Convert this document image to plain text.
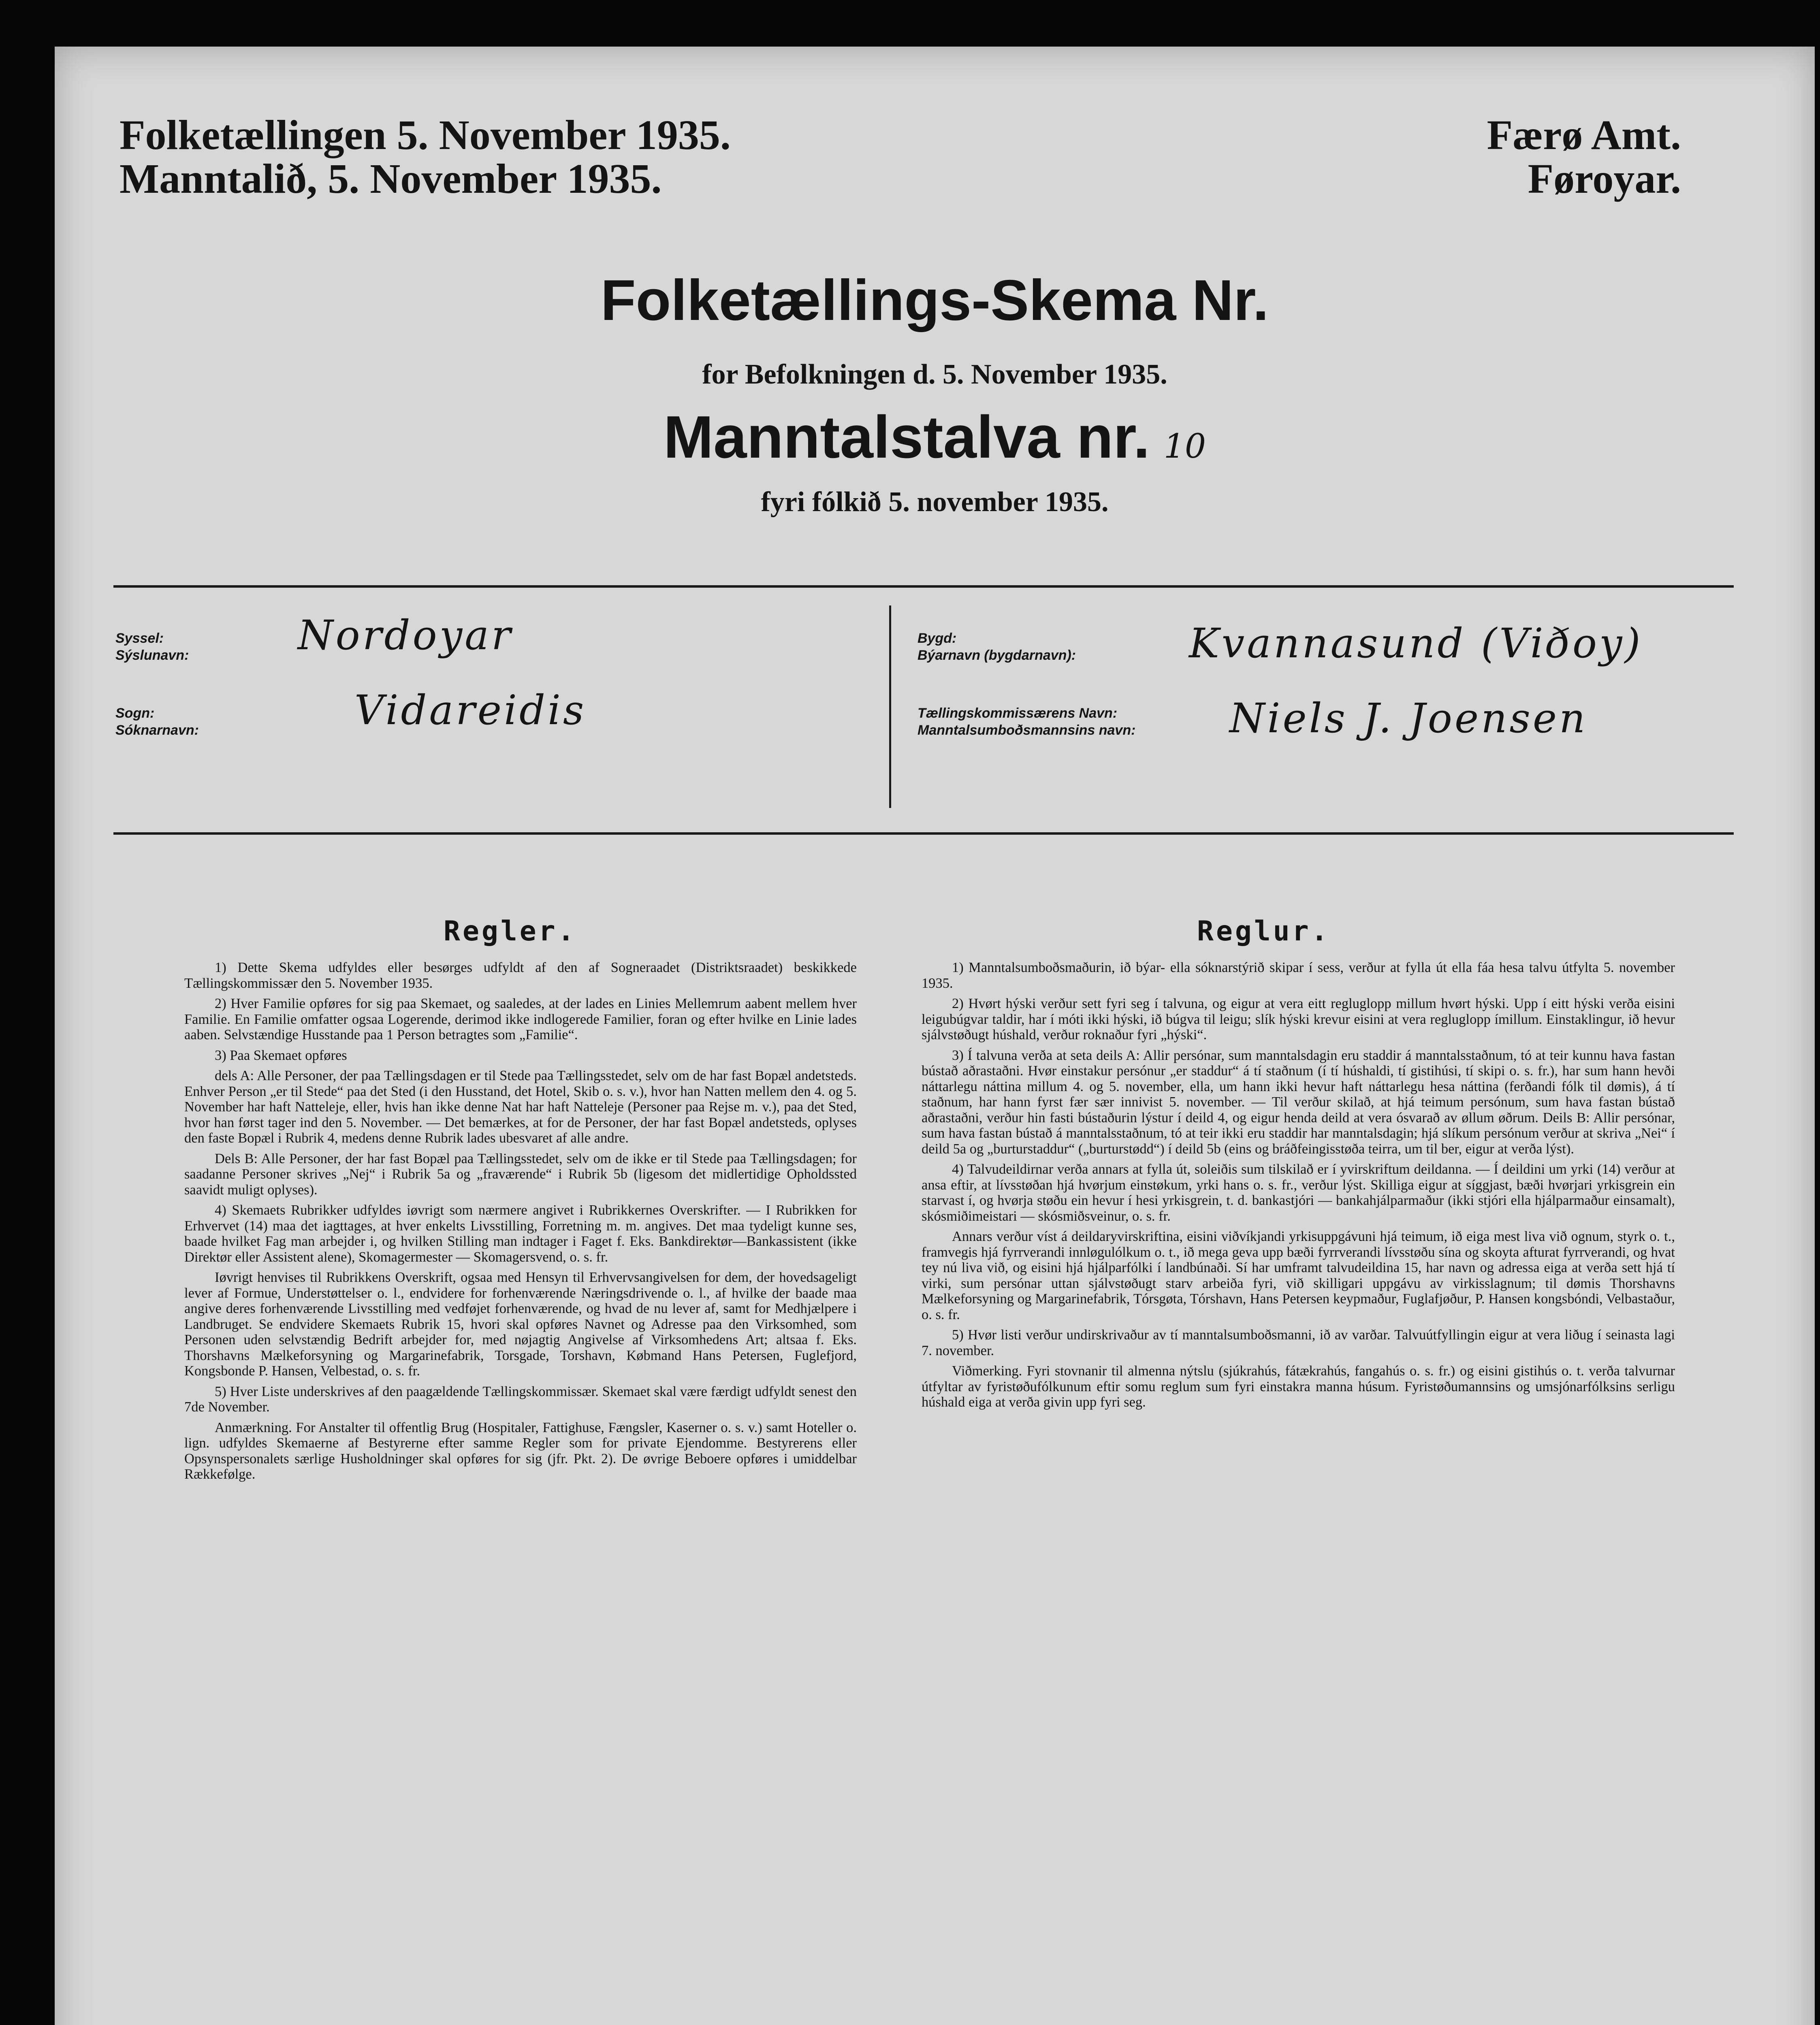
Folketællingen 5. November 1935.
Manntalið, 5. November 1935.
Færø Amt.
Føroyar.
Folketællings-Skema Nr.
for Befolkningen d. 5. November 1935.
Manntalstalva nr. 10
fyri fólkið 5. november 1935.
Syssel:
Sýslunavn:	Nordoyar
Sogn:
Sóknarnavn:	Vidareidis
Bygd:
Býarnavn (bygdarnavn):	Kvannasund (Viðoy)
Tællingskommissærens Navn:
Manntalsumboðsmannsins navn: Niels J. Joensen
Regler.	Reglur.

1) Dette Skema udfyldes eller besørges udfyldt af den af Sogneraadet (Distriktsraadet) beskikkede Tællingskommissær den 5. November 1935.

2) Hver Familie opføres for sig paa Skemaet, og saaledes, at der lades en Linies Mellemrum aabent mellem hver Familie. En Familie omfatter ogsaa Logerende, derimod ikke indlogerede Familier, foran og efter hvilke en Linie lades aaben. Selvstændige Husstande paa 1 Person betragtes som „Familie“.

3) Paa Skemaet opføres

dels A: Alle Personer, der paa Tællingsdagen er til Stede paa Tællingsstedet, selv om de har fast Bopæl andetsteds. Enhver Person „er til Stede“ paa det Sted (i den Husstand, det Hotel, Skib o. s. v.), hvor han Natten mellem den 4. og 5. November har haft Natteleje, eller, hvis han ikke denne Nat har haft Natteleje (Personer paa Rejse m. v.), paa det Sted, hvor han først tager ind den 5. November. — Det bemærkes, at for de Personer, der har fast Bopæl andetsteds, oplyses den faste Bopæl i Rubrik 4, medens denne Rubrik lades ubesvaret af alle andre.

Dels B: Alle Personer, der har fast Bopæl paa Tællingsstedet, selv om de ikke er til Stede paa Tællingsdagen; for saadanne Personer skrives „Nej“ i Rubrik 5a og „fraværende“ i Rubrik 5b (ligesom det midlertidige Opholdssted saavidt muligt oplyses).

4) Skemaets Rubrikker udfyldes iøvrigt som nærmere angivet i Rubrikkernes Overskrifter. — I Rubrikken for Erhvervet (14) maa det iagttages, at hver enkelts Livsstilling, Forretning m. m. angives. Det maa tydeligt kunne ses, baade hvilket Fag man arbejder i, og hvilken Stilling man indtager i Faget f. Eks. Bankdirektør—Bankassistent (ikke Direktør eller Assistent alene), Skomagermester — Skomagersvend, o. s. fr.

Iøvrigt henvises til Rubrikkens Overskrift, ogsaa med Hensyn til Erhvervsangivelsen for dem, der hovedsageligt lever af Formue, Understøttelser o. l., endvidere for forhenværende Næringsdrivende o. l., af hvilke der baade maa angive deres forhenværende Livsstilling med vedføjet forhenværende, og hvad de nu lever af, samt for Medhjælpere i Landbruget. Se endvidere Skemaets Rubrik 15, hvori skal opføres Navnet og Adresse paa den Virksomhed, som Personen uden selvstændig Bedrift arbejder for, med nøjagtig Angivelse af Virksomhedens Art; altsaa f. Eks. Thorshavns Mælkeforsyning og Margarinefabrik, Torsgade, Torshavn, Købmand Hans Petersen, Fuglefjord, Kongsbonde P. Hansen, Velbestad, o. s. fr.

5) Hver Liste underskrives af den paagældende Tællingskommissær. Skemaet skal være færdigt udfyldt senest den 7de November.

Anmærkning. For Anstalter til offentlig Brug (Hospitaler, Fattighuse, Fængsler, Kaserner o. s. v.) samt Hoteller o. lign. udfyldes Skemaerne af Bestyrerne efter samme Regler som for private Ejendomme. Bestyrerens eller Opsynspersonalets særlige Husholdninger skal opføres for sig (jfr. Pkt. 2). De øvrige Beboere opføres i umiddelbar Rækkefølge.

1) Manntalsumboðsmaðurin, ið býar- ella sóknarstýrið skipar í sess, verður at fylla út ella fáa hesa talvu útfylta 5. november 1935.

2) Hvørt hýski verður sett fyri seg í talvuna, og eigur at vera eitt regluglopp millum hvørt hýski. Upp í eitt hýski verða eisini leigubúgvar taldir, har í móti ikki hýski, ið búgva til leigu; slík hýski krevur eisini at vera regluglopp ímillum. Einstaklingur, ið hevur sjálvstøðugt húshald, verður roknaður fyri „hýski“.

3) Í talvuna verða at seta deils A: Allir persónar, sum manntalsdagin eru staddir á manntalsstaðnum, tó at teir kunnu hava fastan bústað aðrastaðni. Hvør einstakur persónur „er staddur“ á tí staðnum (í tí húshaldi, tí gistihúsi, tí skipi o. s. fr.), har sum hann hevði náttarlegu náttina millum 4. og 5. november, ella, um hann ikki hevur haft náttarlegu hesa náttina (ferðandi fólk til dømis), á tí staðnum, har hann fyrst fær sær innivist 5. november. — Til verður skilað, at hjá teimum persónum, sum hava fastan bústað aðrastaðni, verður hin fasti bústaðurin lýstur í deild 4, og eigur henda deild at vera ósvarað av øllum øðrum. Deils B: Allir persónar, sum hava fastan bústað á manntalsstaðnum, tó at teir ikki eru staddir har manntalsdagin; hjá slíkum persónum verður at skriva „Nei“ í deild 5a og „burturstaddur“ („burturstødd“) í deild 5b (eins og bráðfeingisstøða teirra, um til ber, eigur at verða lýst).

4) Talvudeildirnar verða annars at fylla út, soleiðis sum tilskilað er í yvirskriftum deildanna. — Í deildini um yrki (14) verður at ansa eftir, at lívsstøðan hjá hvørjum einstøkum, yrki hans o. s. fr., verður lýst. Skilliga eigur at síggjast, bæði hvørjari yrkisgrein ein starvast í, og hvørja støðu ein hevur í hesi yrkisgrein, t. d. bankastjóri — bankahjálparmaður (ikki stjóri ella hjálparmaður einsamalt), skósmiðimeistari — skósmiðsveinur, o. s. fr.

Annars verður víst á deildaryvirskriftina, eisini viðvíkjandi yrkisuppgávuni hjá teimum, ið eiga mest liva við ognum, styrk o. t., framvegis hjá fyrrverandi innløgulólkum o. t., ið mega geva upp bæði fyrrverandi lívsstøðu sína og skoyta afturat fyrrverandi, og hvat tey nú liva við, og eisini hjá hjálparfólki í landbúnaði. Sí har umframt talvudeildina 15, har navn og adressa eiga at verða sett hjá tí virki, sum persónar uttan sjálvstøðugt starv arbeiða fyri, við skilligari uppgávu av virkisslagnum; til dømis Thorshavns Mælkeforsyning og Margarinefabrik, Tórsgøta, Tórshavn, Hans Petersen keypmaður, Fuglafjøður, P. Hansen kongsbóndi, Velbastaður, o. s. fr.

5) Hvør listi verður undirskrivaður av tí manntalsumboðsmanni, ið av varðar. Talvuútfyllingin eigur at vera liðug í seinasta lagi 7. november.

Viðmerking. Fyri stovnanir til almenna nýtslu (sjúkrahús, fátækrahús, fangahús o. s. fr.) og eisini gistihús o. t. verða talvurnar útfyltar av fyristøðufólkunum eftir somu reglum sum fyri einstakra manna húsum. Fyristøðumannsins og umsjónarfólksins serligu húshald eiga at verða givin upp fyri seg.
